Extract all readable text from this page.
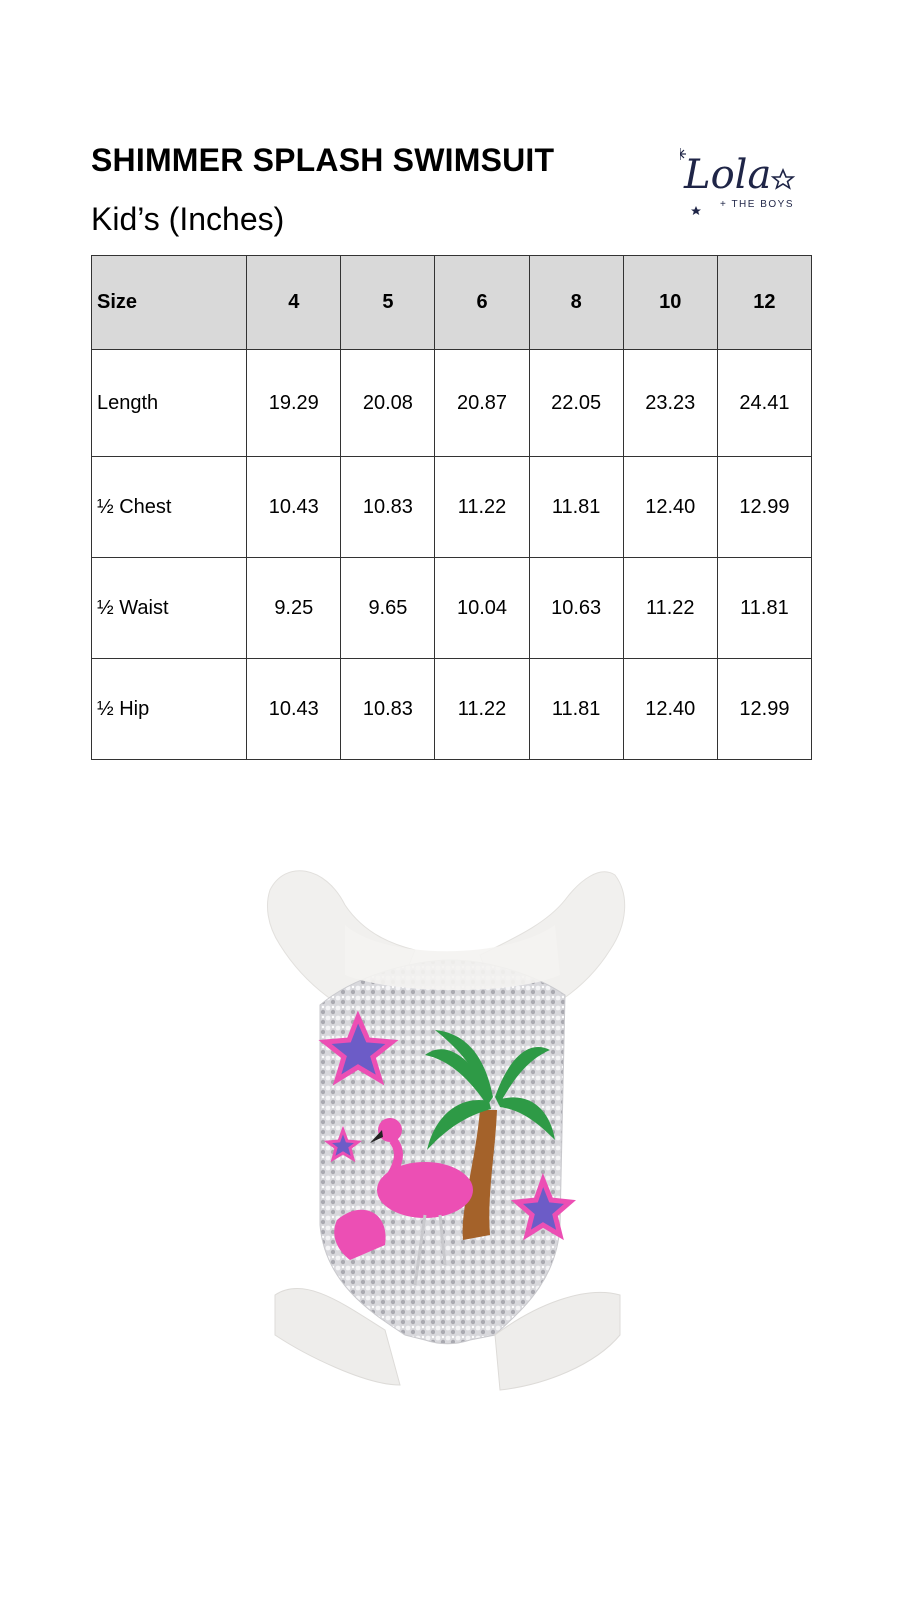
SHIMMER SPLASH SWIMSUIT
Kid’s (Inches)
Lola
+ THE BOYS
Size	4	5	6	8	10	12
Length	19.29	20.08	20.87	22.05	23.23	24.41
½ Chest	10.43	10.83	11.22	11.81	12.40	12.99
½ Waist	9.25	9.65	10.04	10.63	11.22	11.81
½ Hip	10.43	10.83	11.22	11.81	12.40	12.99
